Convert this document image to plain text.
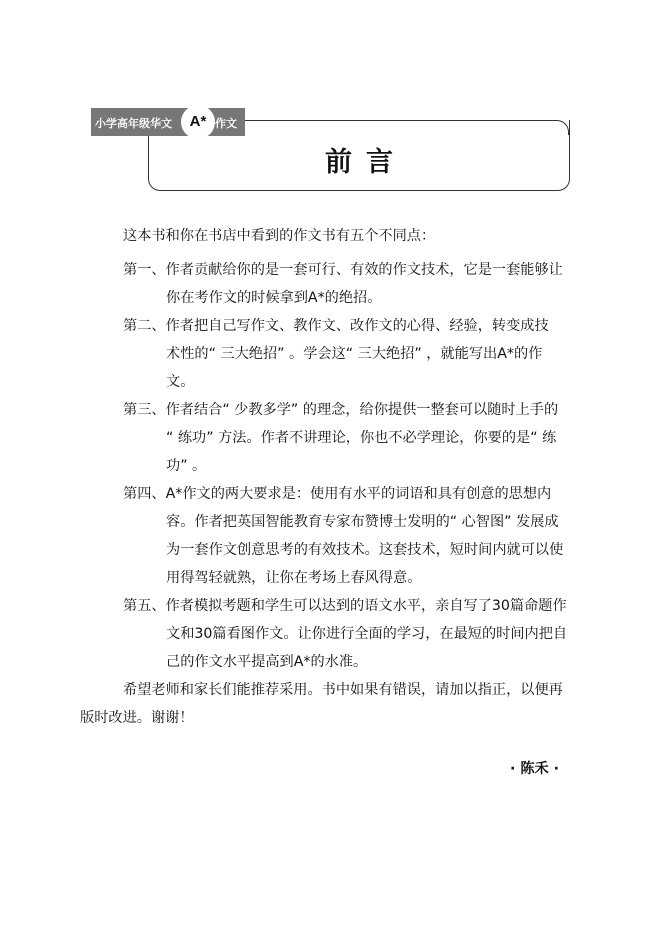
小学高年级华文	作文
A*
前言
这本书和你在书店中看到的作文书有五个不同点：
第一、作者贡献给你的是一套可行、有效的作文技术，它是一套能够让
你在考作文的时候拿到A*的绝招。
第二、作者把自己写作文、教作文、改作文的心得、经验，转变成技
术性的“ 三大绝招” 。学会这“ 三大绝招” ，就能写出A*的作
文。
第三、作者结合“ 少教多学” 的理念，给你提供一整套可以随时上手的
“ 练功” 方法。作者不讲理论，你也不必学理论，你要的是“ 练
功” 。
第四、A*作文的两大要求是：使用有水平的词语和具有创意的思想内
容。作者把英国智能教育专家布赞博士发明的“ 心智图” 发展成
为一套作文创意思考的有效技术。这套技术，短时间内就可以使
用得驾轻就熟，让你在考场上春风得意。
第五、作者模拟考题和学生可以达到的语文水平，亲自写了30篇命题作
文和30篇看图作文。让你进行全面的学习，在最短的时间内把自
己的作文水平提高到A*的水准。
希望老师和家长们能推荐采用。书中如果有错误，请加以指正，以便再
版时改进。谢谢！
· 陈禾 ·
